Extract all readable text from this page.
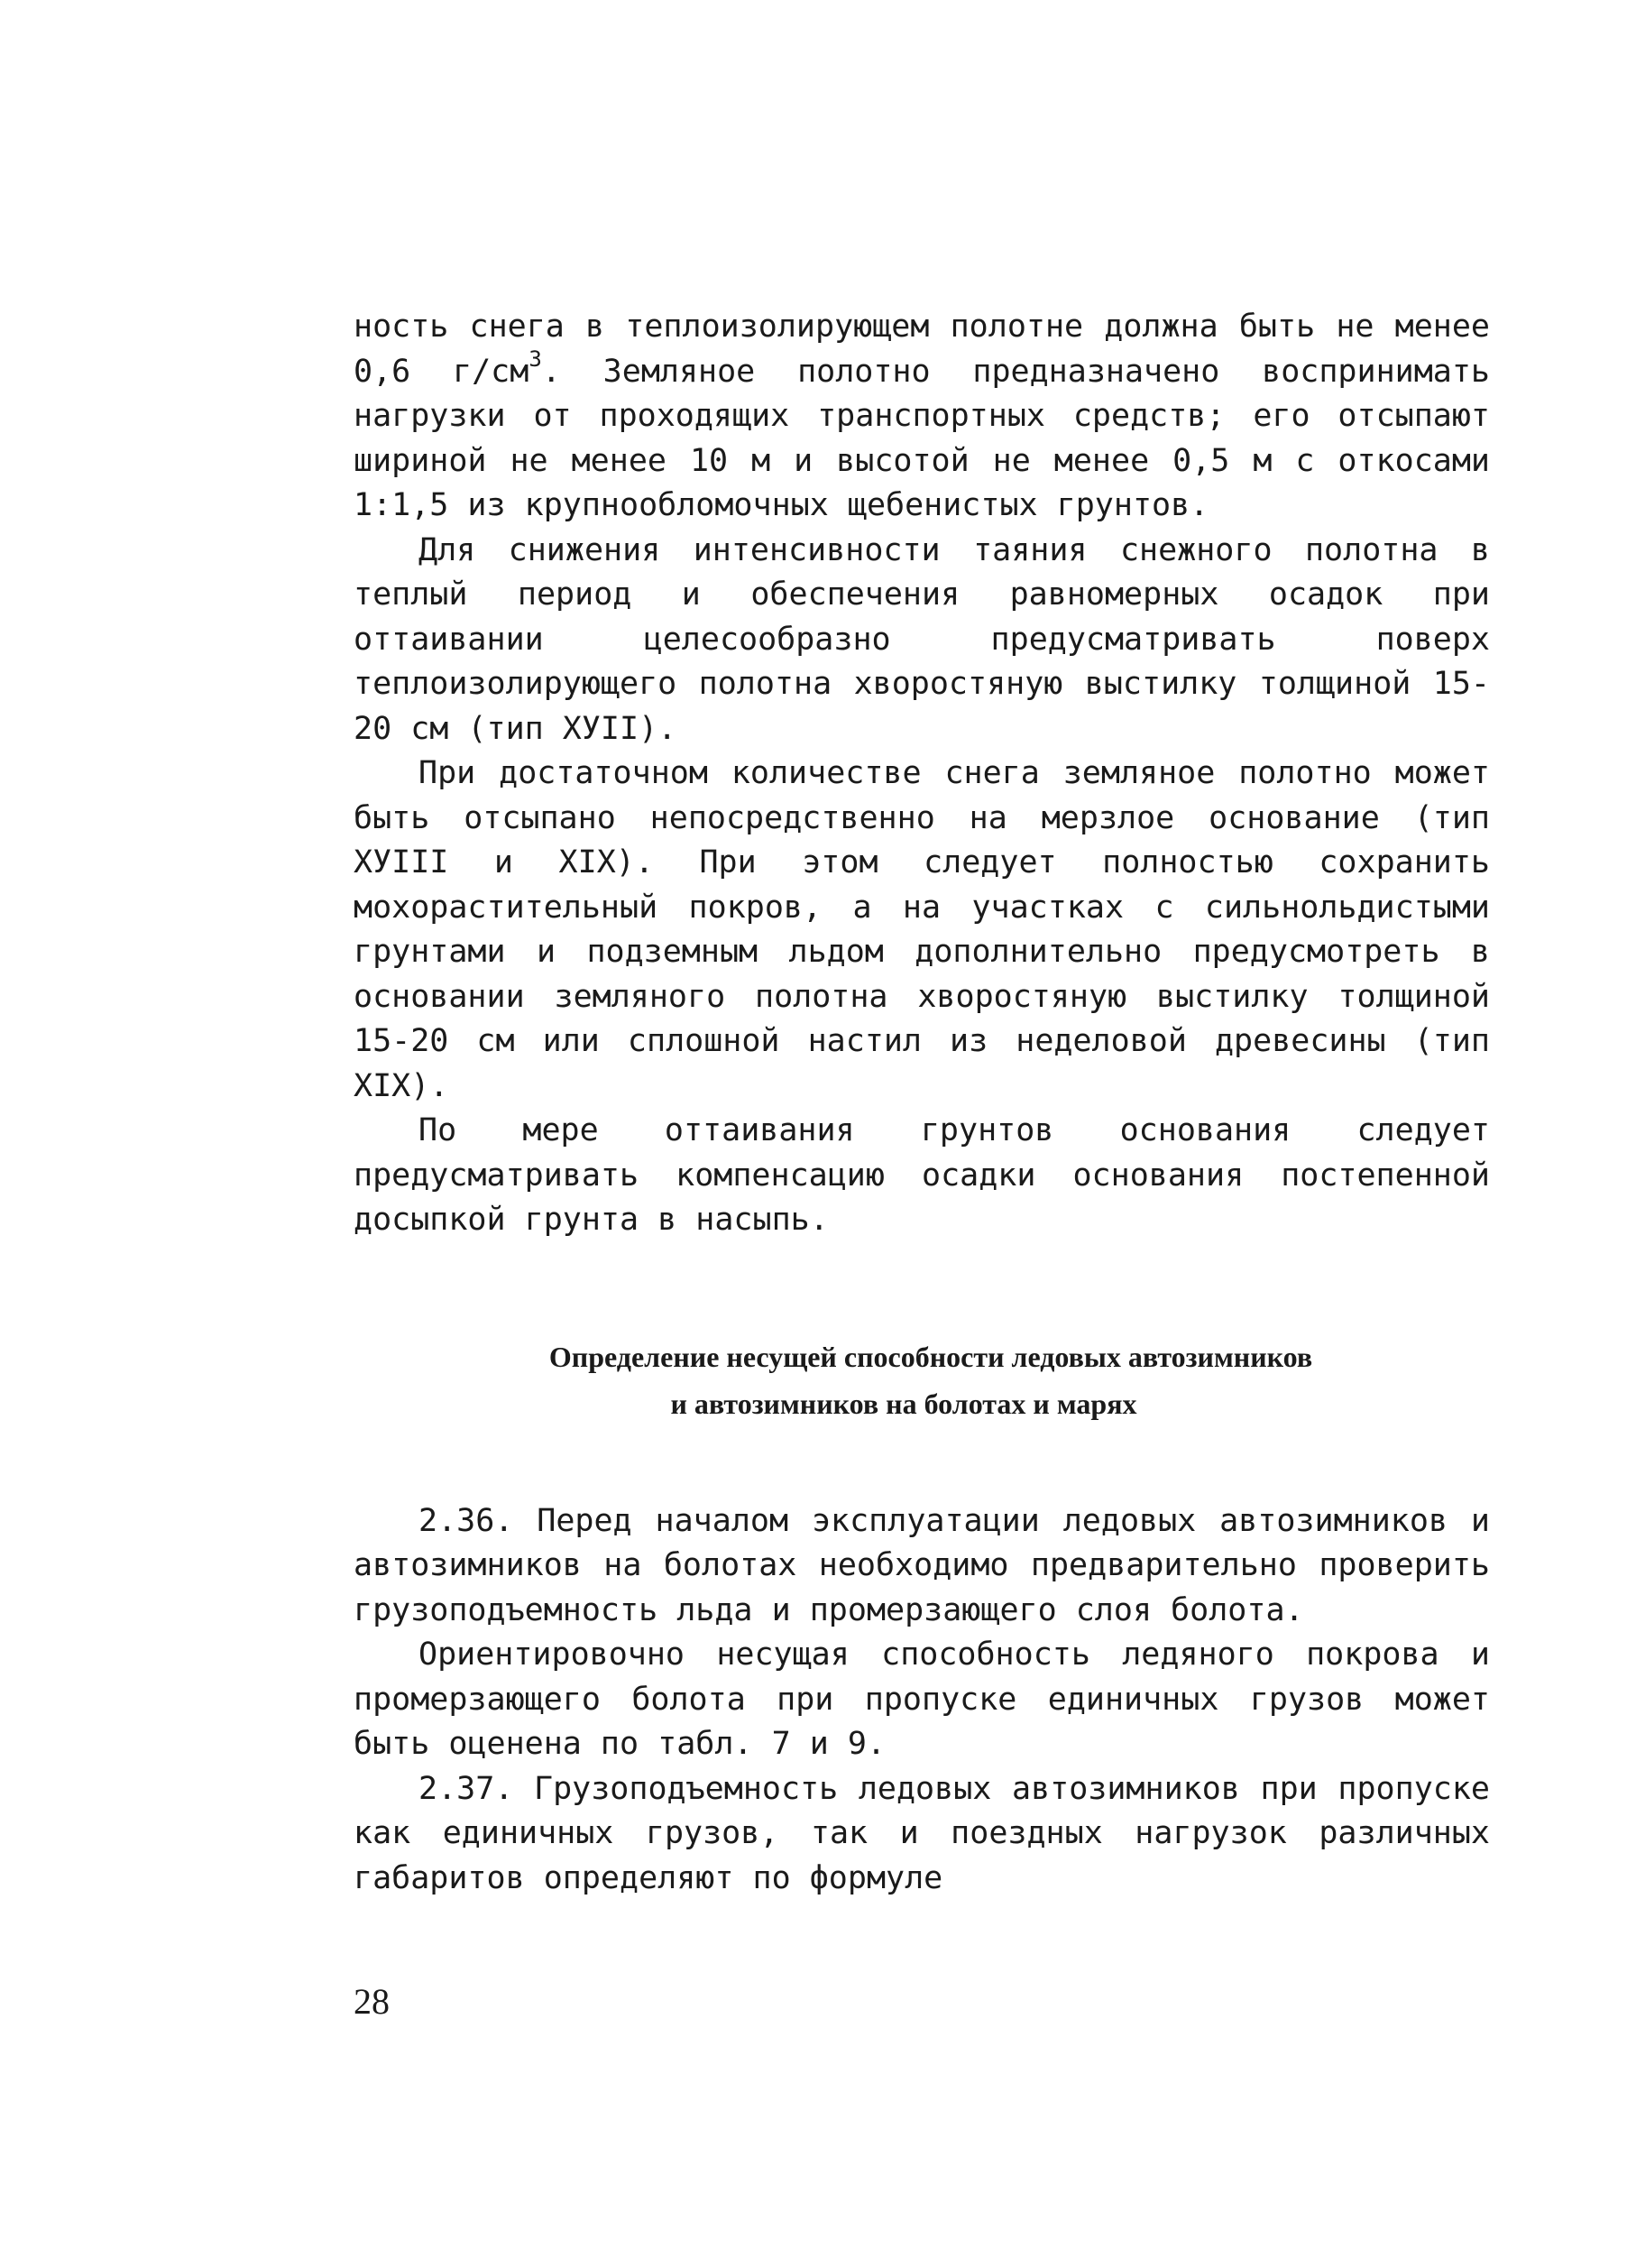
ность снега в теплоизолирующем полотне должна быть не менее 0,6 $г/см^3$. Земляное полотно предназначено воспринимать нагрузки от проходящих транспортных средств; его отсыпают шириной не менее 10 м и высотой не менее 0,5 м с откосами 1:1,5 из крупнообломочных щебенистых грунтов.

Для снижения интенсивности таяния снежного полотна в теплый период и обеспечения равномерных осадок при оттаивании целесообразно предусматривать поверх теплоизолирующего полотна хворостяную выстилку толщиной 15-20 см (тип ХУII).

При достаточном количестве снега земляное полотно может быть отсыпано непосредственно на мерзлое основание (тип ХУIII и XIX). При этом следует полностью сохранить мохорастительный покров, а на участках с сильнольдистыми грунтами и подземным льдом дополнительно предусмотреть в основании земляного полотна хворостяную выстилку толщиной 15-20 см или сплошной настил из неделовой древесины (тип XIX).

По мере оттаивания грунтов основания следует предусматривать компенсацию осадки основания постепенной досыпкой грунта в насыпь.

Определение несущей способности ледовых автозимников
и автозимников на болотах и марях

2.36. Перед началом эксплуатации ледовых автозимников и автозимников на болотах необходимо предварительно проверить грузоподъемность льда и промерзающего слоя болота.

Ориентировочно несущая способность ледяного покрова и промерзающего болота при пропуске единичных грузов может быть оценена по табл. 7 и 9.

2.37. Грузоподъемность ледовых автозимников при пропуске как единичных грузов, так и поездных нагрузок различных габаритов определяют по формуле

28
